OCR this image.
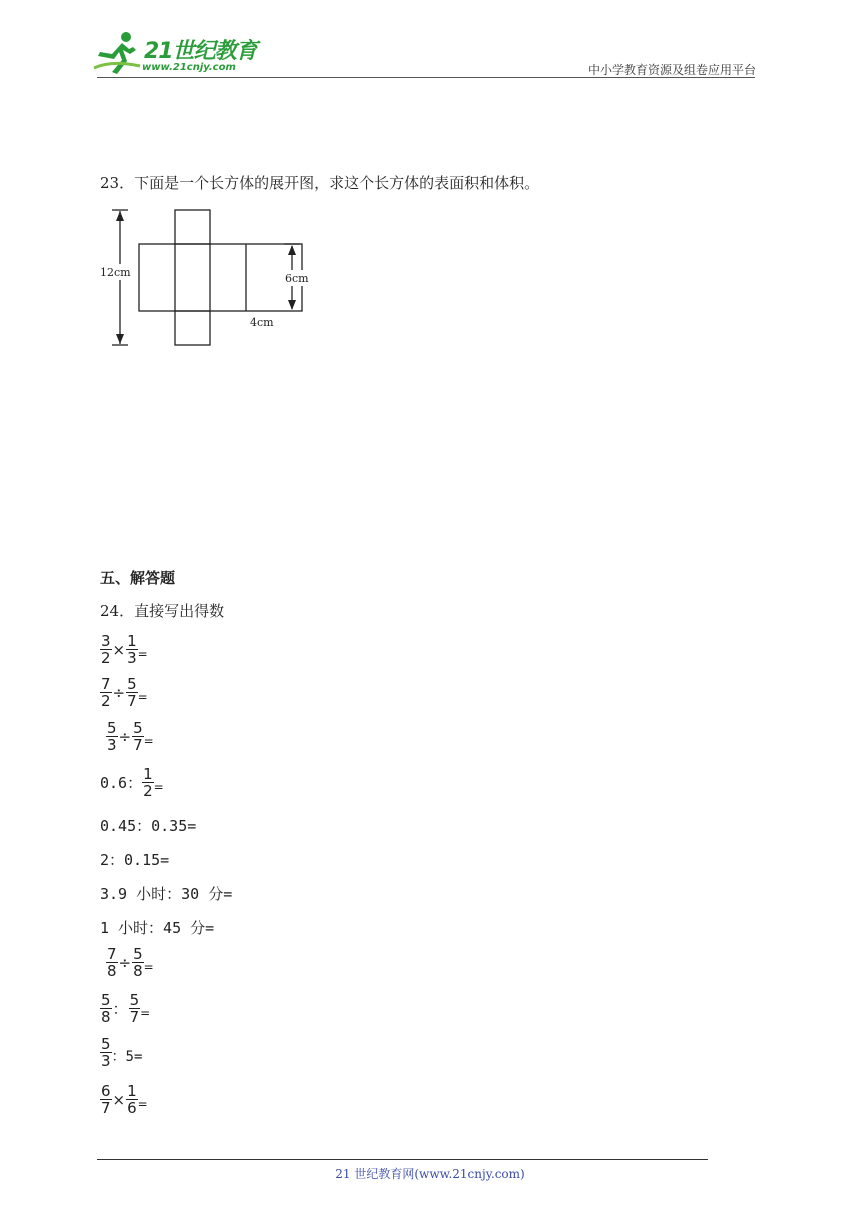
21世纪教育
www.21cnjy.com	中小学教育资源及组卷应用平台
23．下面是一个长方体的展开图，求这个长方体的表面积和体积。
12cm	6cm
4cm
五、解答题
24．直接写出得数
$\frac{3}{2} \times \frac{1}{3}$ =
$\frac{7}{2} \div \frac{5}{7}$ =
$\frac{5}{3} \div \frac{5}{7}$ =
0.6： $\frac{1}{2}$ =
0.45：0.35=
2：0.15=
3.9 小时：30 分=
1 小时：45 分=
$\frac{7}{8} \div \frac{5}{8}$ =
$\frac{5}{8}$ ： $\frac{5}{7}$ =
$\frac{5}{3}$ ：5=
$\frac{6}{7} \times \frac{1}{6}$ =
21 世纪教育网(www.21cnjy.com)
